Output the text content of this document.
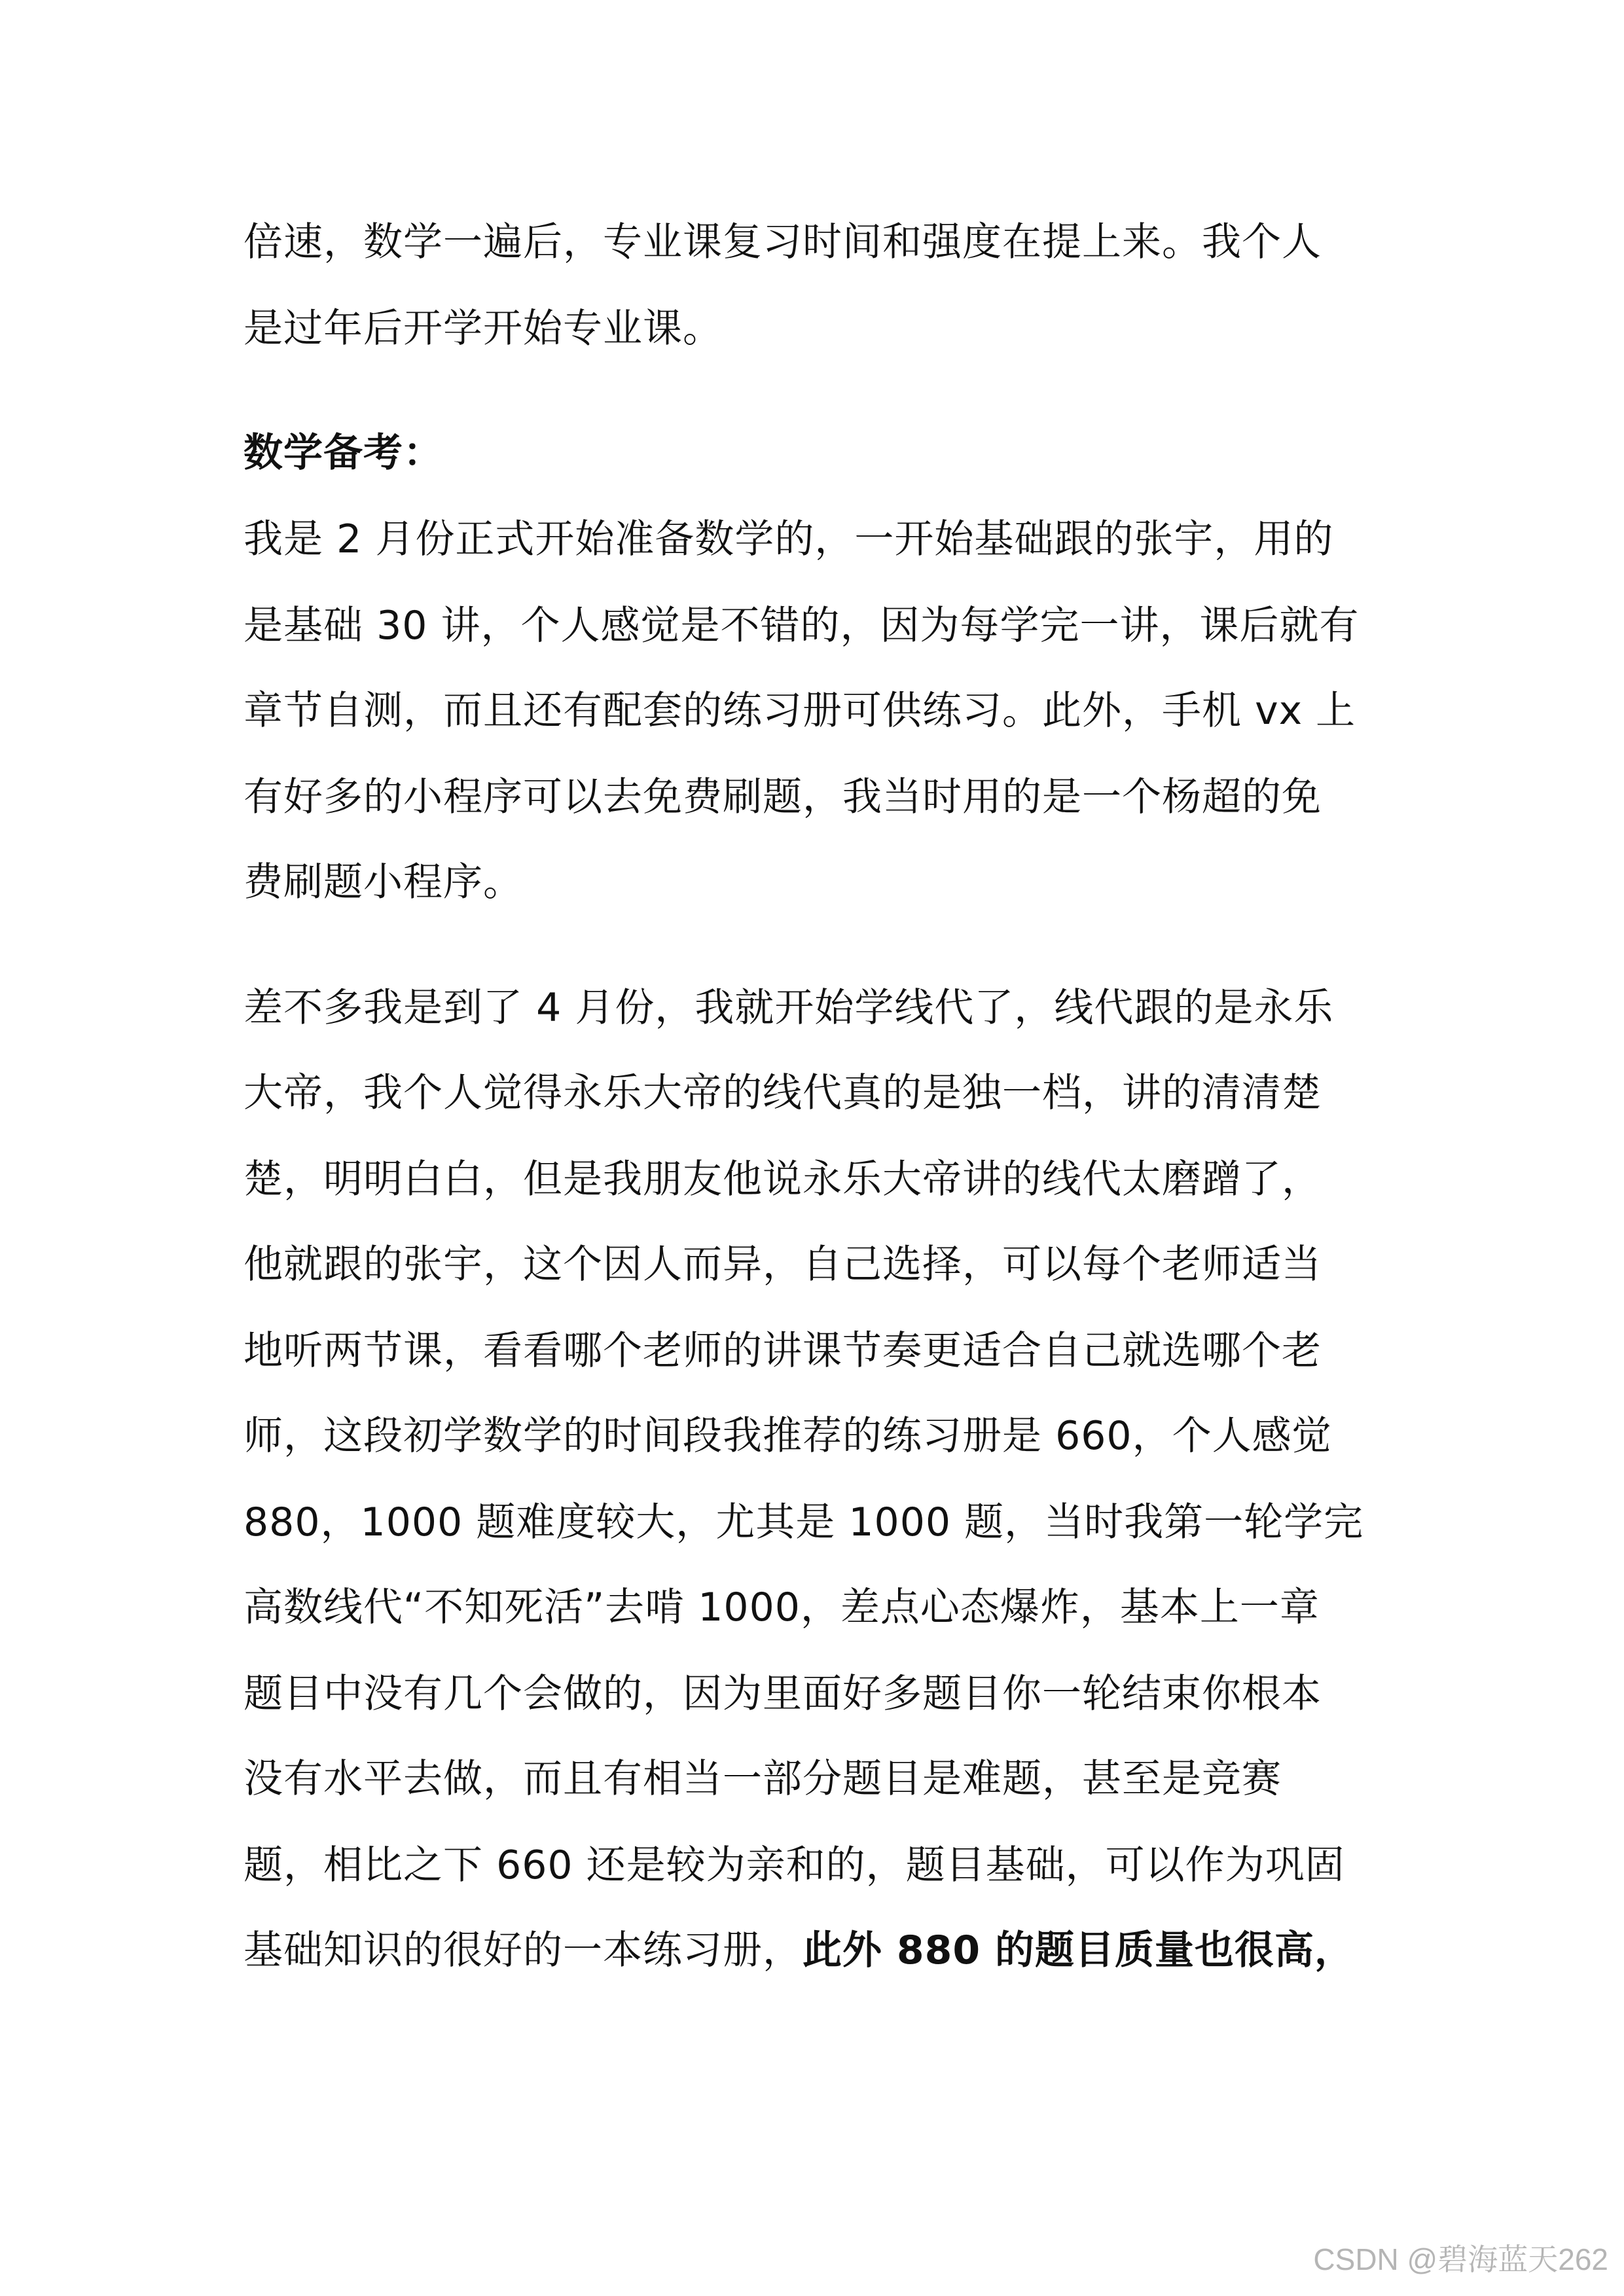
倍速，数学一遍后，专业课复习时间和强度在提上来。我个人
是过年后开学开始专业课。
数学备考：
我是 2 月份正式开始准备数学的，一开始基础跟的张宇，用的
是基础 30 讲，个人感觉是不错的，因为每学完一讲，课后就有
章节自测，而且还有配套的练习册可供练习。此外，手机 vx 上
有好多的小程序可以去免费刷题，我当时用的是一个杨超的免
费刷题小程序。
差不多我是到了 4 月份，我就开始学线代了，线代跟的是永乐
大帝，我个人觉得永乐大帝的线代真的是独一档，讲的清清楚
楚，明明白白，但是我朋友他说永乐大帝讲的线代太磨蹭了，
他就跟的张宇，这个因人而异，自己选择，可以每个老师适当
地听两节课，看看哪个老师的讲课节奏更适合自己就选哪个老
师，这段初学数学的时间段我推荐的练习册是 660，个人感觉
880，1000 题难度较大，尤其是 1000 题，当时我第一轮学完
高数线代“不知死活”去啃 1000，差点心态爆炸，基本上一章
题目中没有几个会做的，因为里面好多题目你一轮结束你根本
没有水平去做，而且有相当一部分题目是难题，甚至是竞赛
题，相比之下 660 还是较为亲和的，题目基础，可以作为巩固
基础知识的很好的一本练习册，此外 880 的题目质量也很高，
CSDN @碧海蓝天262
